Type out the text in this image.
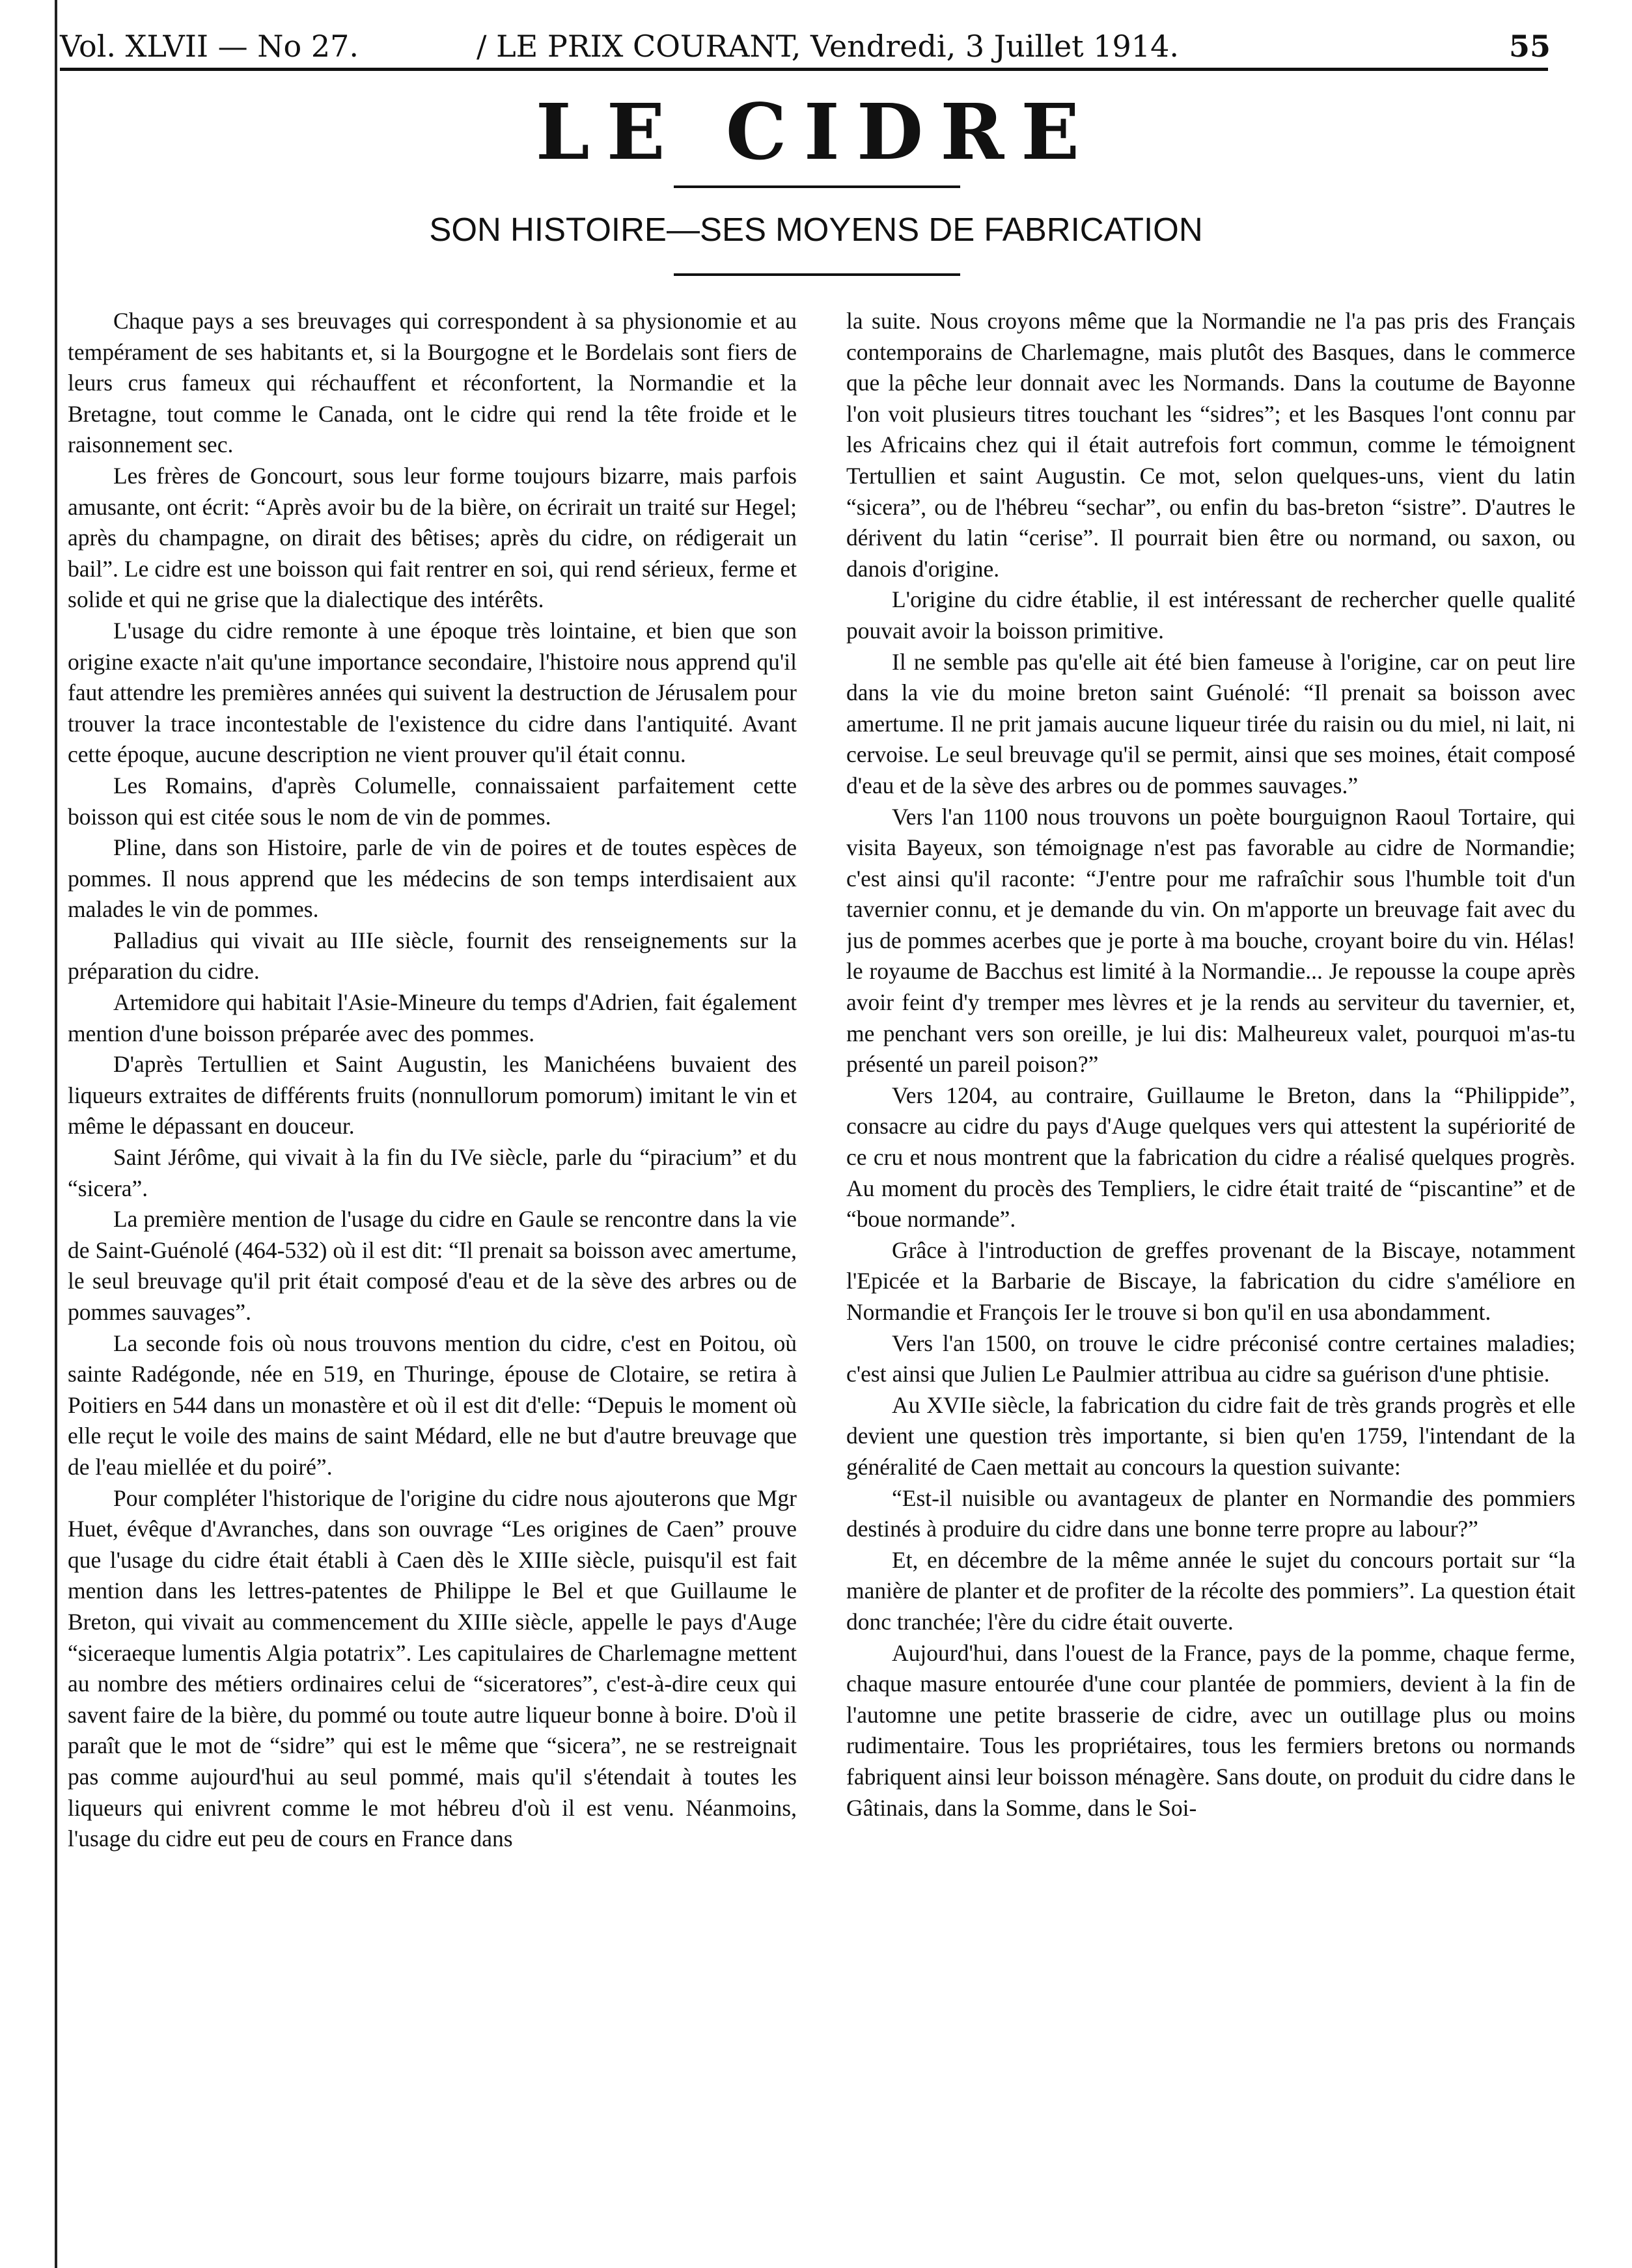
Vol. XLVII — No 27.	/ LE PRIX COURANT, Vendredi, 3 Juillet 1914.	55
LE CIDRE
SON HISTOIRE—SES MOYENS DE FABRICATION

Chaque pays a ses breuvages qui correspondent à sa physionomie et au tempérament de ses habitants et, si la Bourgogne et le Bordelais sont fiers de leurs crus fameux qui réchauffent et réconfortent, la Normandie et la Bretagne, tout comme le Canada, ont le cidre qui rend la tête froide et le raisonnement sec.

Les frères de Goncourt, sous leur forme toujours bizarre, mais parfois amusante, ont écrit: “Après avoir bu de la bière, on écrirait un traité sur Hegel; après du champagne, on dirait des bêtises; après du cidre, on rédigerait un bail”. Le cidre est une boisson qui fait rentrer en soi, qui rend sérieux, ferme et solide et qui ne grise que la dialectique des intérêts.

L'usage du cidre remonte à une époque très lointaine, et bien que son origine exacte n'ait qu'une importance secondaire, l'histoire nous apprend qu'il faut attendre les premières années qui suivent la destruction de Jérusalem pour trouver la trace incontestable de l'existence du cidre dans l'antiquité. Avant cette époque, aucune description ne vient prouver qu'il était connu.

Les Romains, d'après Columelle, connaissaient parfaitement cette boisson qui est citée sous le nom de vin de pommes.

Pline, dans son Histoire, parle de vin de poires et de toutes espèces de pommes. Il nous apprend que les médecins de son temps interdisaient aux malades le vin de pommes.

Palladius qui vivait au IIIe siècle, fournit des renseignements sur la préparation du cidre.

Artemidore qui habitait l'Asie-Mineure du temps d'Adrien, fait également mention d'une boisson préparée avec des pommes.

D'après Tertullien et Saint Augustin, les Manichéens buvaient des liqueurs extraites de différents fruits (nonnullorum pomorum) imitant le vin et même le dépassant en douceur.

Saint Jérôme, qui vivait à la fin du IVe siècle, parle du “piracium” et du “sicera”.

La première mention de l'usage du cidre en Gaule se rencontre dans la vie de Saint-Guénolé (464-532) où il est dit: “Il prenait sa boisson avec amertume, le seul breuvage qu'il prit était composé d'eau et de la sève des arbres ou de pommes sauvages”.

La seconde fois où nous trouvons mention du cidre, c'est en Poitou, où sainte Radégonde, née en 519, en Thuringe, épouse de Clotaire, se retira à Poitiers en 544 dans un monastère et où il est dit d'elle: “Depuis le moment où elle reçut le voile des mains de saint Médard, elle ne but d'autre breuvage que de l'eau miellée et du poiré”.

Pour compléter l'historique de l'origine du cidre nous ajouterons que Mgr Huet, évêque d'Avranches, dans son ouvrage “Les origines de Caen” prouve que l'usage du cidre était établi à Caen dès le XIIIe siècle, puisqu'il est fait mention dans les lettres-patentes de Philippe le Bel et que Guillaume le Breton, qui vivait au commencement du XIIIe siècle, appelle le pays d'Auge “siceraeque lumentis Algia potatrix”. Les capitulaires de Charlemagne mettent au nombre des métiers ordinaires celui de “siceratores”, c'est-à-dire ceux qui savent faire de la bière, du pommé ou toute autre liqueur bonne à boire. D'où il paraît que le mot de “sidre” qui est le même que “sicera”, ne se restreignait pas comme aujourd'hui au seul pommé, mais qu'il s'étendait à toutes les liqueurs qui enivrent comme le mot hébreu d'où il est venu. Néanmoins, l'usage du cidre eut peu de cours en France dans

la suite. Nous croyons même que la Normandie ne l'a pas pris des Français contemporains de Charlemagne, mais plutôt des Basques, dans le commerce que la pêche leur donnait avec les Normands. Dans la coutume de Bayonne l'on voit plusieurs titres touchant les “sidres”; et les Basques l'ont connu par les Africains chez qui il était autrefois fort commun, comme le témoignent Tertullien et saint Augustin. Ce mot, selon quelques-uns, vient du latin “sicera”, ou de l'hébreu “sechar”, ou enfin du bas-breton “sistre”. D'autres le dérivent du latin “cerise”. Il pourrait bien être ou normand, ou saxon, ou danois d'origine.

L'origine du cidre établie, il est intéressant de rechercher quelle qualité pouvait avoir la boisson primitive.

Il ne semble pas qu'elle ait été bien fameuse à l'origine, car on peut lire dans la vie du moine breton saint Guénolé: “Il prenait sa boisson avec amertume. Il ne prit jamais aucune liqueur tirée du raisin ou du miel, ni lait, ni cervoise. Le seul breuvage qu'il se permit, ainsi que ses moines, était composé d'eau et de la sève des arbres ou de pommes sauvages.”

Vers l'an 1100 nous trouvons un poète bourguignon Raoul Tortaire, qui visita Bayeux, son témoignage n'est pas favorable au cidre de Normandie; c'est ainsi qu'il raconte: “J'entre pour me rafraîchir sous l'humble toit d'un tavernier connu, et je demande du vin. On m'apporte un breuvage fait avec du jus de pommes acerbes que je porte à ma bouche, croyant boire du vin. Hélas! le royaume de Bacchus est limité à la Normandie... Je repousse la coupe après avoir feint d'y tremper mes lèvres et je la rends au serviteur du tavernier, et, me penchant vers son oreille, je lui dis: Malheureux valet, pourquoi m'as-tu présenté un pareil poison?”

Vers 1204, au contraire, Guillaume le Breton, dans la “Philippide”, consacre au cidre du pays d'Auge quelques vers qui attestent la supériorité de ce cru et nous montrent que la fabrication du cidre a réalisé quelques progrès. Au moment du procès des Templiers, le cidre était traité de “piscantine” et de “boue normande”.

Grâce à l'introduction de greffes provenant de la Biscaye, notamment l'Epicée et la Barbarie de Biscaye, la fabrication du cidre s'améliore en Normandie et François Ier le trouve si bon qu'il en usa abondamment.

Vers l'an 1500, on trouve le cidre préconisé contre certaines maladies; c'est ainsi que Julien Le Paulmier attribua au cidre sa guérison d'une phtisie.

Au XVIIe siècle, la fabrication du cidre fait de très grands progrès et elle devient une question très importante, si bien qu'en 1759, l'intendant de la généralité de Caen mettait au concours la question suivante:

“Est-il nuisible ou avantageux de planter en Normandie des pommiers destinés à produire du cidre dans une bonne terre propre au labour?”

Et, en décembre de la même année le sujet du concours portait sur “la manière de planter et de profiter de la récolte des pommiers”. La question était donc tranchée; l'ère du cidre était ouverte.

Aujourd'hui, dans l'ouest de la France, pays de la pomme, chaque ferme, chaque masure entourée d'une cour plantée de pommiers, devient à la fin de l'automne une petite brasserie de cidre, avec un outillage plus ou moins rudimentaire. Tous les propriétaires, tous les fermiers bretons ou normands fabriquent ainsi leur boisson ménagère. Sans doute, on produit du cidre dans le Gâtinais, dans la Somme, dans le Soi-
